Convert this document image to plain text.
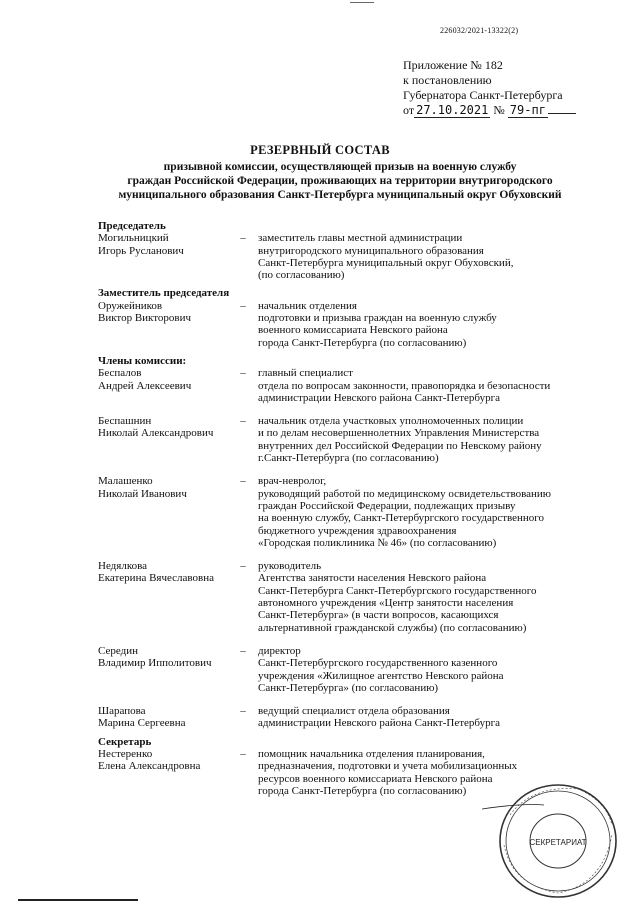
226032/2021-13322(2)
Приложение № 182
к постановлению
Губернатора Санкт-Петербурга
от 27.10.2021 № 79-пг
РЕЗЕРВНЫЙ СОСТАВ
призывной комиссии, осуществляющей призыв на военную службу
граждан Российской Федерации, проживающих на территории внутригородского
муниципального образования Санкт-Петербурга муниципальный округ Обуховский
Председатель
Могильницкий
Игорь Русланович
–	заместитель главы местной администрации
внутригородского муниципального образования
Санкт-Петербурга муниципальный округ Обуховский,
(по согласованию)
Заместитель председателя
Оружейников
Виктор Викторович
–	начальник отделения
подготовки и призыва граждан на военную службу
военного комиссариата Невского района
города Санкт-Петербурга (по согласованию)
Члены комиссии:
Беспалов
Андрей Алексеевич
–	главный специалист
отдела по вопросам законности, правопорядка и безопасности
администрации Невского района Санкт-Петербурга
Беспашнин
Николай Александрович
–	начальник отдела участковых уполномоченных полиции
и по делам несовершеннолетних Управления Министерства
внутренних дел Российской Федерации по Невскому району
г.Санкт-Петербурга (по согласованию)
Малашенко
Николай Иванович
–	врач-невролог,
руководящий работой по медицинскому освидетельствованию
граждан Российской Федерации, подлежащих призыву
на военную службу, Санкт-Петербургского государственного
бюджетного учреждения здравоохранения
«Городская поликлиника № 46» (по согласованию)
Недялкова
Екатерина Вячеславовна
–	руководитель
Агентства занятости населения Невского района
Санкт-Петербурга Санкт-Петербургского государственного
автономного учреждения «Центр занятости населения
Санкт-Петербурга» (в части вопросов, касающихся
альтернативной гражданской службы) (по согласованию)
Середин
Владимир Ипполитович
–	директор
Санкт-Петербургского государственного казенного
учреждения «Жилищное агентство Невского района
Санкт-Петербурга» (по согласованию)
Шарапова
Марина Сергеевна
–	ведущий специалист отдела образования
администрации Невского района Санкт-Петербурга
Секретарь
Нестеренко
Елена Александровна
–	помощник начальника отделения планирования,
предназначения, подготовки и учета мобилизационных
ресурсов военного комиссариата Невского района
города Санкт-Петербурга (по согласованию)
СЕКРЕТАРИАТ
